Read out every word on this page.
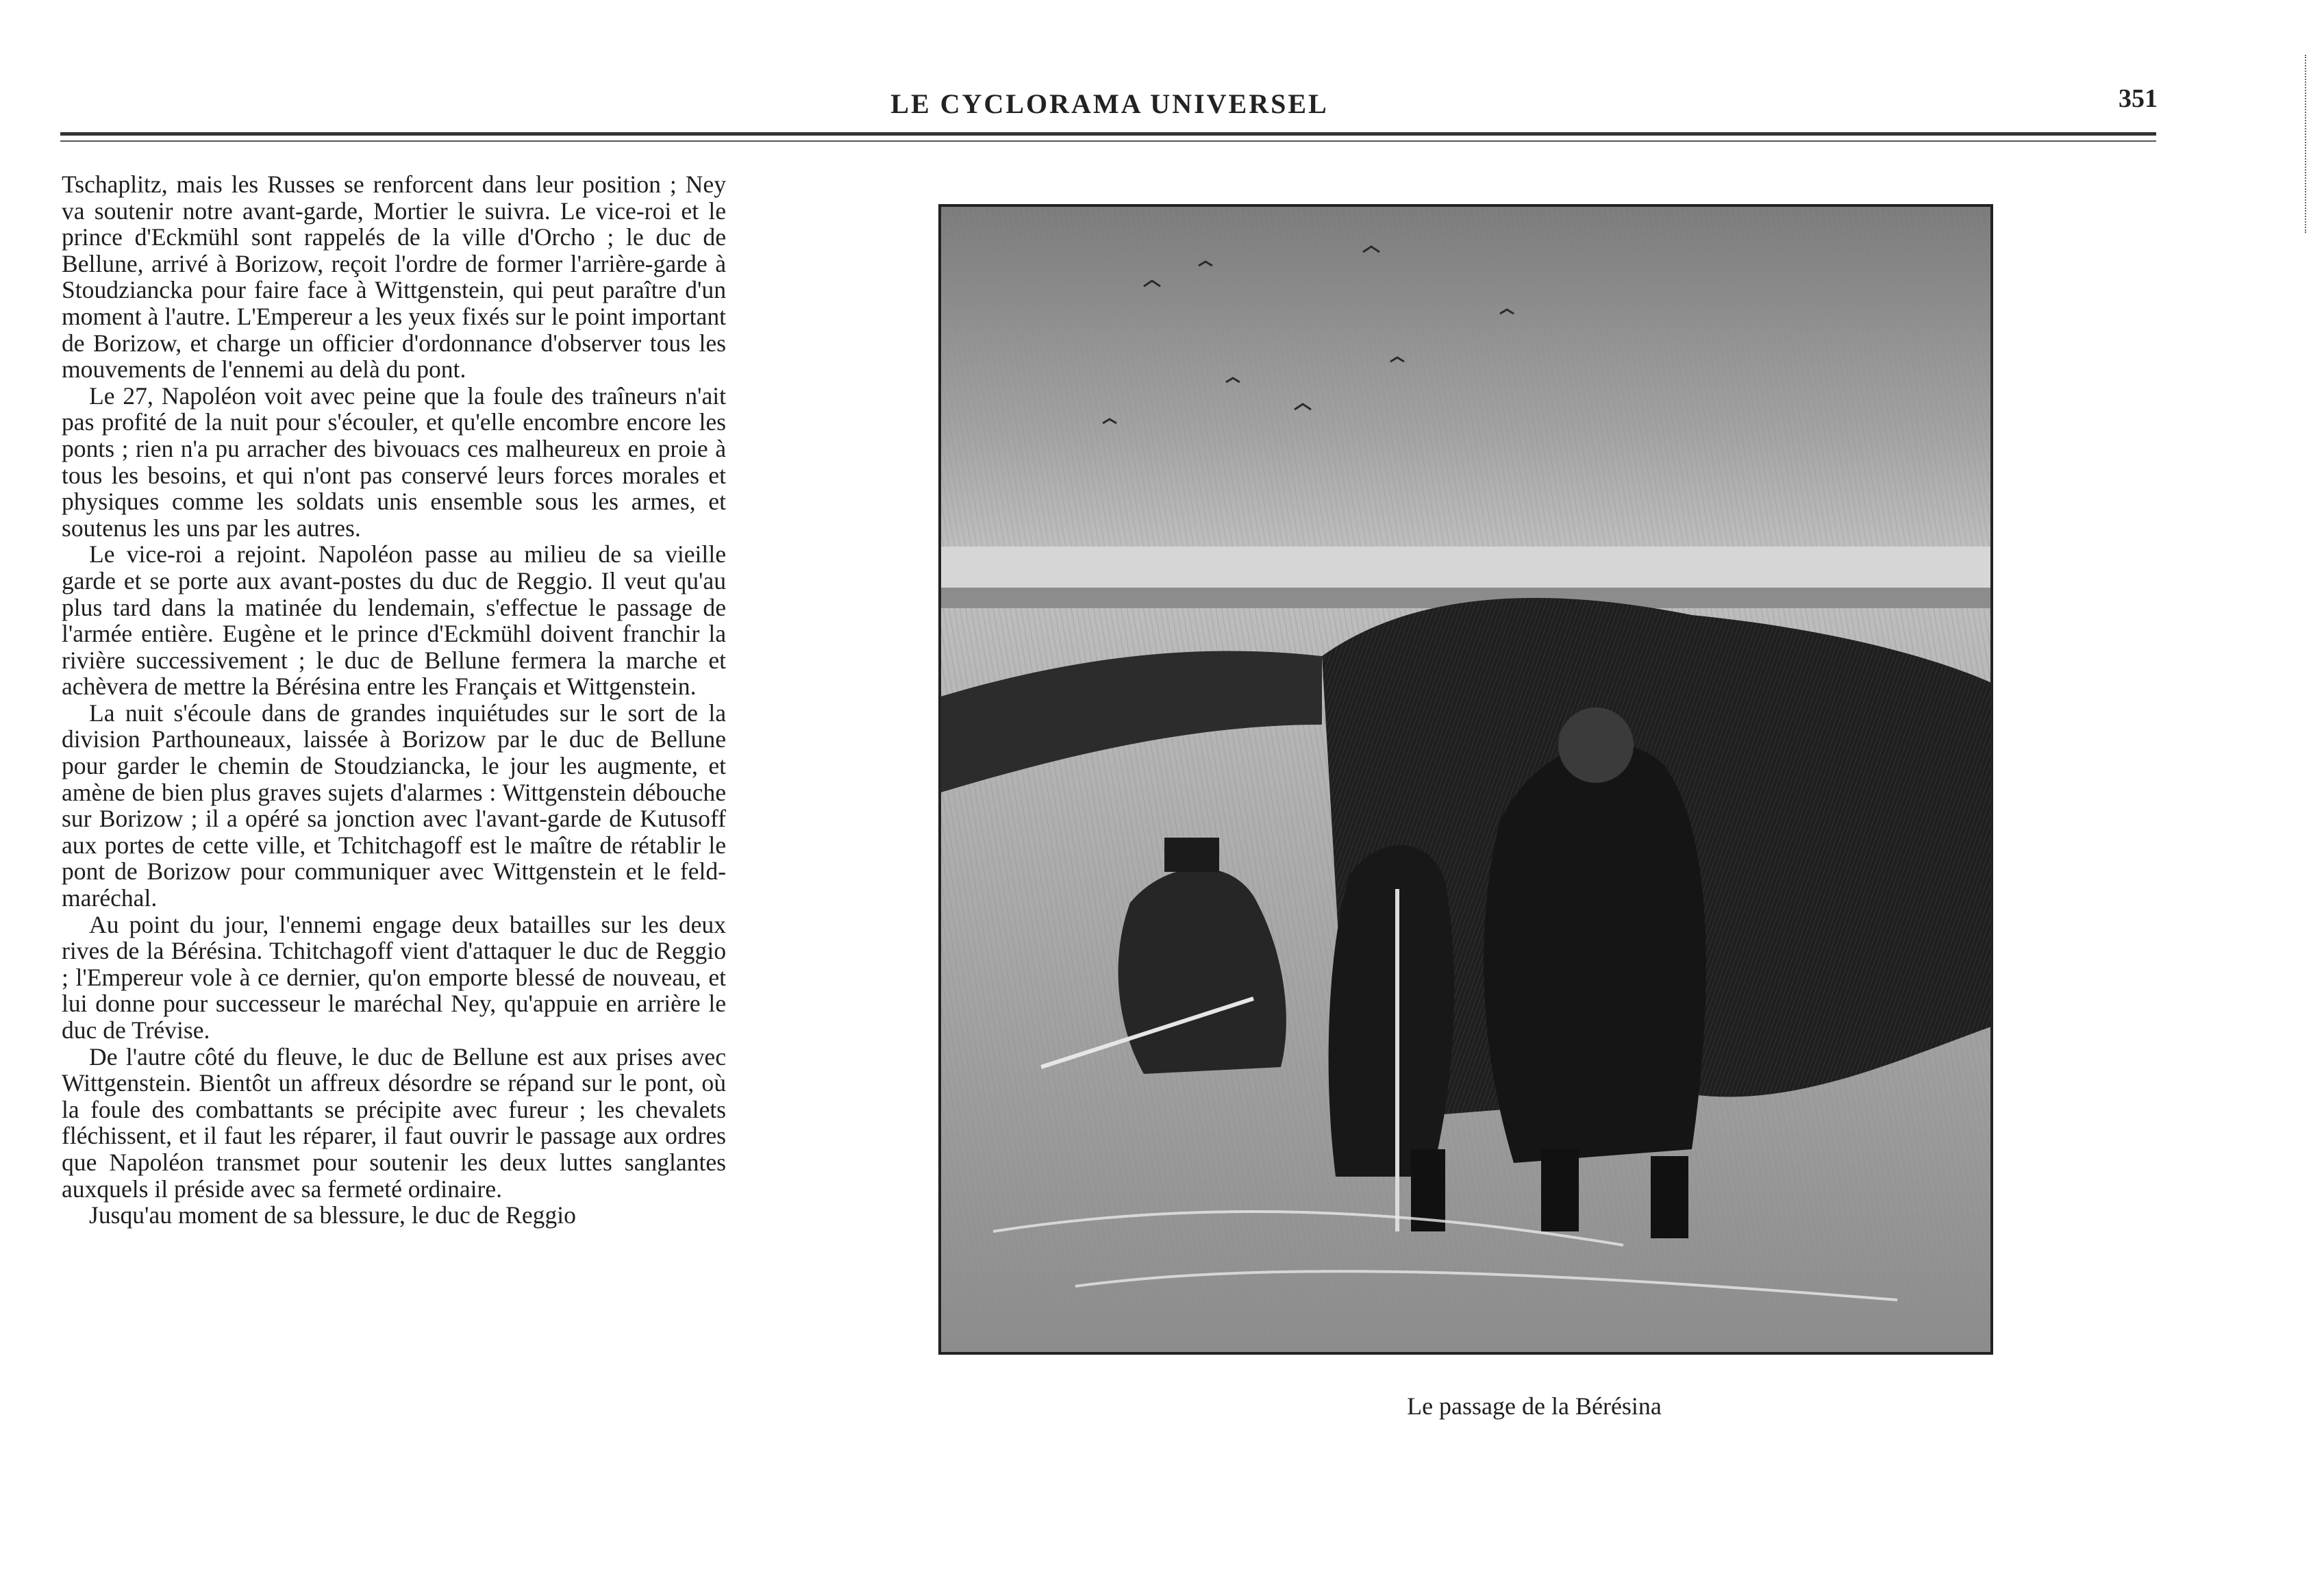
LE CYCLORAMA UNIVERSEL	351

Tschaplitz, mais les Russes se renforcent dans leur position ; Ney va soutenir notre avant-garde, Mortier le suivra. Le vice-roi et le prince d'Eckmühl sont rappelés de la ville d'Orcho ; le duc de Bellune, arrivé à Borizow, reçoit l'ordre de former l'arrière-garde à Stoudziancka pour faire face à Wittgenstein, qui peut paraître d'un moment à l'autre. L'Empereur a les yeux fixés sur le point important de Borizow, et charge un officier d'ordonnance d'observer tous les mouvements de l'ennemi au delà du pont.

Le 27, Napoléon voit avec peine que la foule des traîneurs n'ait pas profité de la nuit pour s'écouler, et qu'elle encombre encore les ponts ; rien n'a pu arracher des bivouacs ces malheureux en proie à tous les besoins, et qui n'ont pas conservé leurs forces morales et physiques comme les soldats unis ensemble sous les armes, et soutenus les uns par les autres.

Le vice-roi a rejoint. Napoléon passe au milieu de sa vieille garde et se porte aux avant-postes du duc de Reggio. Il veut qu'au plus tard dans la matinée du lendemain, s'effectue le passage de l'armée entière. Eugène et le prince d'Eckmühl doivent franchir la rivière successivement ; le duc de Bellune fermera la marche et achèvera de mettre la Bérésina entre les Français et Wittgenstein.

La nuit s'écoule dans de grandes inquiétudes sur le sort de la division Parthouneaux, laissée à Borizow par le duc de Bellune pour garder le chemin de Stoudziancka, le jour les augmente, et amène de bien plus graves sujets d'alarmes : Wittgenstein débouche sur Borizow ; il a opéré sa jonction avec l'avant-garde de Kutusoff aux portes de cette ville, et Tchitchagoff est le maître de rétablir le pont de Borizow pour communiquer avec Wittgenstein et le feld-maréchal.

Au point du jour, l'ennemi engage deux batailles sur les deux rives de la Bérésina. Tchitchagoff vient d'attaquer le duc de Reggio ; l'Empereur vole à ce dernier, qu'on emporte blessé de nouveau, et lui donne pour successeur le maréchal Ney, qu'appuie en arrière le duc de Trévise.

De l'autre côté du fleuve, le duc de Bellune est aux prises avec Wittgenstein. Bientôt un affreux désordre se répand sur le pont, où la foule des combattants se précipite avec fureur ; les chevalets fléchissent, et il faut les réparer, il faut ouvrir le passage aux ordres que Napoléon transmet pour soutenir les deux luttes sanglantes auxquels il préside avec sa fermeté ordinaire.

Jusqu'au moment de sa blessure, le duc de Reggio

Le passage de la Bérésina
